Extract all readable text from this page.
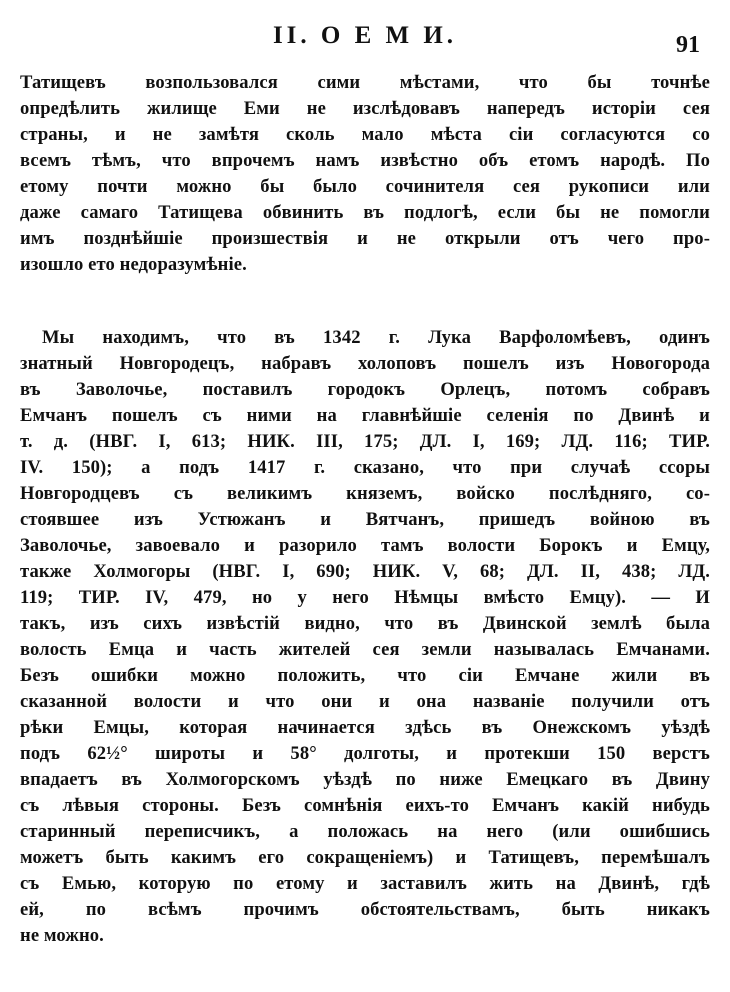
II. О Е М И.	91
Татищевъ возпользовался сими мѣстами, что бы точнѣе
опредѣлить жилище Еми не изслѣдовавъ напередъ исторіи сея
страны, и не замѣтя сколь мало мѣста сіи согласуются со
всемъ тѣмъ, что впрочемъ намъ извѣстно объ етомъ народѣ. По
етому почти можно бы было сочинителя сея рукописи или
даже самаго Татищева обвинить въ подлогѣ, если бы не помогли
имъ позднѣйшіе произшествія и не открыли отъ чего про-
изошло ето недоразумѣніе.
Мы находимъ, что въ 1342 г. Лука Варфоломѣевъ, одинъ
знатный Новгородецъ, набравъ холоповъ пошелъ изъ Новогорода
въ Заволочье, поставилъ городокъ Орлецъ, потомъ собравъ
Емчанъ пошелъ съ ними на главнѣйшіе селенія по Двинѣ и
т. д. (НВГ. I, 613; НИК. III, 175; ДЛ. I, 169; ЛД. 116; ТИР.
IV. 150); а подъ 1417 г. сказано, что при случаѣ ссоры
Новгородцевъ съ великимъ княземъ, войско послѣдняго, со-
стоявшее изъ Устюжанъ и Вятчанъ, пришедъ войною въ
Заволочье, завоевало и разорило тамъ волости Борокъ и Емцу,
также Холмогоры (НВГ. I, 690; НИК. V, 68; ДЛ. II, 438; ЛД.
119; ТИР. IV, 479, но у него Нѣмцы вмѣсто Емцу). — И
такъ, изъ сихъ извѣстій видно, что въ Двинской землѣ была
волость Емца и часть жителей сея земли называлась Емчанами.
Безъ ошибки можно положить, что сіи Емчане жили въ
сказанной волости и что они и она названіе получили отъ
рѣки Емцы, которая начинается здѣсь въ Онежскомъ уѣздѣ
подъ 62½° широты и 58° долготы, и протекши 150 верстъ
впадаетъ въ Холмогорскомъ уѣздѣ по ниже Емецкаго въ Двину
съ лѣвыя стороны. Безъ сомнѣнія еихъ-то Емчанъ какій нибудь
старинный переписчикъ, а положась на него (или ошибшись
можетъ быть какимъ его сокращеніемъ) и Татищевъ, перемѣшалъ
съ Емью, которую по етому и заставилъ жить на Двинѣ, гдѣ
ей, по всѣмъ прочимъ обстоятельствамъ, быть никакъ
не можно.
